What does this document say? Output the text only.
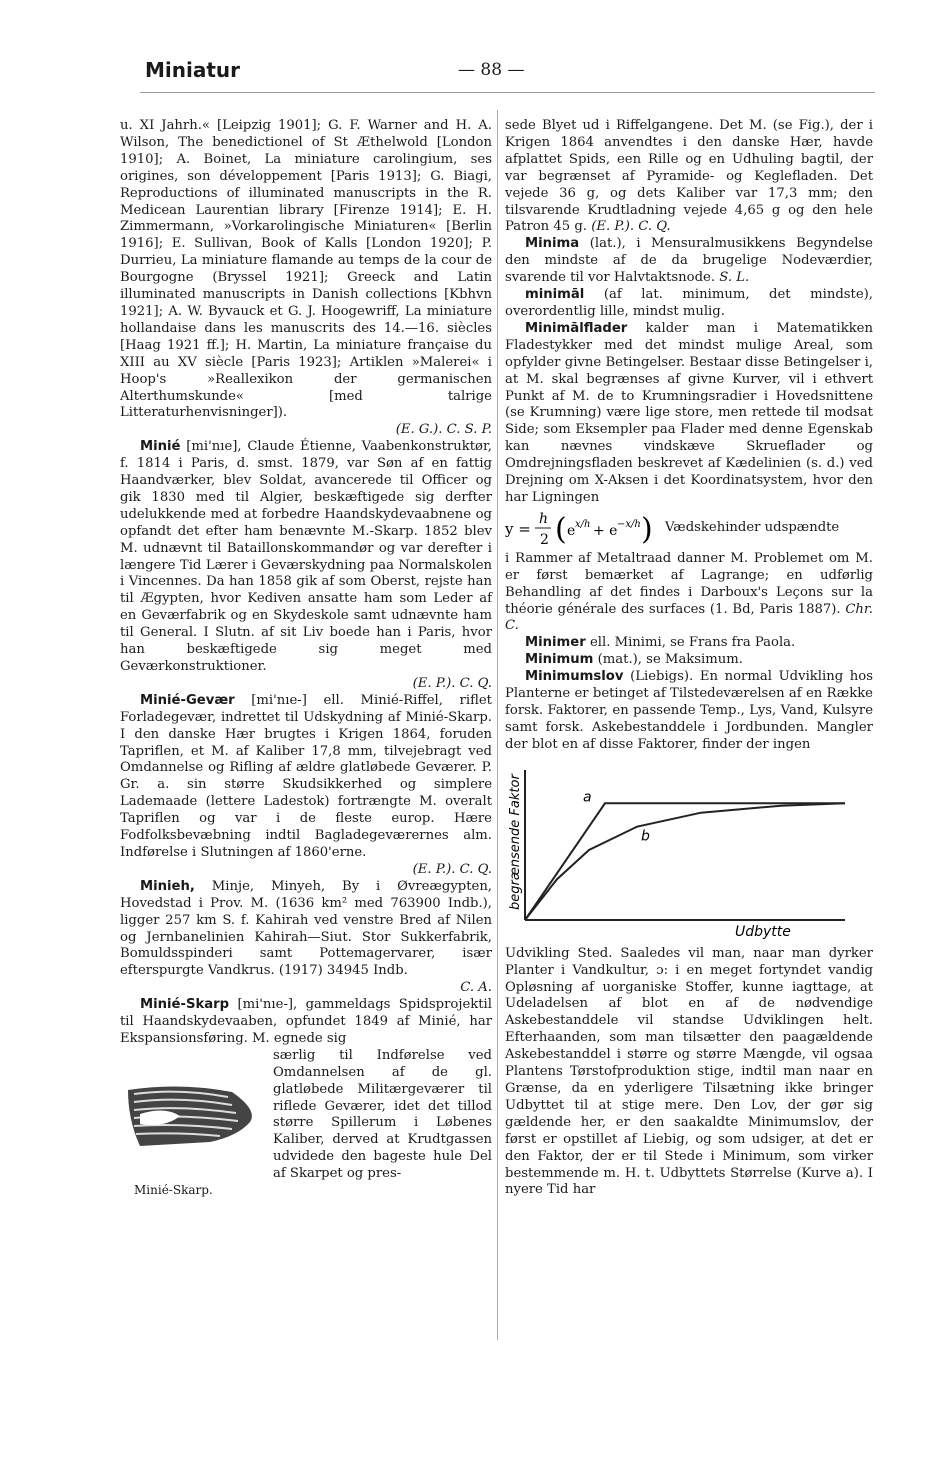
Miniatur	— 88 —

u. XI Jahrh.« [Leipzig 1901]; G. F. Warner and H. A. Wilson, The benedictionel of St Æthelwold [London 1910]; A. Boinet, La miniature carolingium, ses origines, son développement [Paris 1913]; G. Biagi, Reproductions of illuminated manuscripts in the R. Medicean Laurentian library [Firenze 1914]; E. H. Zimmermann, »Vorkarolingische Miniaturen« [Berlin 1916]; E. Sullivan, Book of Kalls [London 1920]; P. Durrieu, La miniature flamande au temps de la cour de Bourgogne (Bryssel 1921]; Greeck and Latin illuminated manuscripts in Danish collections [Kbhvn 1921]; A. W. Byvauck et G. J. Hoogewriff, La miniature hollandaise dans les manuscrits des 14.—16. siècles [Haag 1921 ff.]; H. Martin, La miniature française du XIII au XV siècle [Paris 1923]; Artiklen »Malerei« i Hoop's »Reallexikon der germanischen Alterthumskunde« [med talrige Litteraturhenvisninger]).

(E. G.). C. S. P.

Minié [mi'nıe], Claude Étienne, Vaabenkonstruktør, f. 1814 i Paris, d. smst. 1879, var Søn af en fattig Haandværker, blev Soldat, avancerede til Officer og gik 1830 med til Algier, beskæftigede sig derfter udelukkende med at forbedre Haandskydevaabnene og opfandt det efter ham benævnte M.-Skarp. 1852 blev M. udnævnt til Bataillonskommandør og var derefter i længere Tid Lærer i Geværskydning paa Normalskolen i Vincennes. Da han 1858 gik af som Oberst, rejste han til Ægypten, hvor Kediven ansatte ham som Leder af en Geværfabrik og en Skydeskole samt udnævnte ham til General. I Slutn. af sit Liv boede han i Paris, hvor han beskæftigede sig meget med Geværkonstruktioner.

(E. P.). C. Q.

Minié-Gevær [mi'nıe-] ell. Minié-Riffel, riflet Forladegevær, indrettet til Udskydning af Minié-Skarp. I den danske Hær brugtes i Krigen 1864, foruden Tapriflen, et M. af Kaliber 17,8 mm, tilvejebragt ved Omdannelse og Rifling af ældre glatløbede Geværer. P. Gr. a. sin større Skudsikkerhed og simplere Lademaade (lettere Ladestok) fortrængte M. overalt Tapriflen og var i de fleste europ. Hære Fodfolksbevæbning indtil Bagladegeværernes alm. Indførelse i Slutningen af 1860'erne.

(E. P.). C. Q.

Minieh, Minje, Minyeh, By i Øvreægypten, Hovedstad i Prov. M. (1636 km² med 763900 Indb.), ligger 257 km S. f. Kahirah ved venstre Bred af Nilen og Jernbanelinien Kahirah—Siut. Stor Sukkerfabrik, Bomuldsspinderi samt Pottemagervarer, især efterspurgte Vandkrus. (1917) 34945 Indb.

C. A.

Minié-Skarp [mi'nıe-], gammeldags Spidsprojektil til Haandskydevaaben, opfundet 1849 af Minié, har Ekspansionsføring. M. egnede sig

Minié-Skarp.

særlig til Indførelse ved Omdannelsen af de gl. glatløbede Militærgeværer til riflede Geværer, idet det tillod større Spillerum i Løbenes Kaliber, derved at Krudtgassen udvidede den bageste hule Del af Skarpet og pres-

sede Blyet ud i Riffelgangene. Det M. (se Fig.), der i Krigen 1864 anvendtes i den danske Hær, havde afplattet Spids, een Rille og en Udhuling bagtil, der var begrænset af Pyramide- og Keglefladen. Det vejede 36 g, og dets Kaliber var 17,3 mm; den tilsvarende Krudtladning vejede 4,65 g og den hele Patron 45 g. (E. P.). C. Q.

Minima (lat.), i Mensuralmusikkens Begyndelse den mindste af de da brugelige Nodeværdier, svarende til vor Halvtaktsnode. S. L.

minimāl (af lat. minimum, det mindste), overordentlig lille, mindst mulig.

Minimālflader kalder man i Matematikken Fladestykker med det mindst mulige Areal, som opfylder givne Betingelser. Bestaar disse Betingelser i, at M. skal begrænses af givne Kurver, vil i ethvert Punkt af M. de to Krumningsradier i Hovedsnittene (se Krumning) være lige store, men rettede til modsat Side; som Eksempler paa Flader med denne Egenskab kan nævnes vindskæve Skrueflader og Omdrejningsfladen beskrevet af Kædelinien (s. d.) ved Drejning om X-Aksen i det Koordinatsystem, hvor den har Ligningen

y =
h
2 ( e x/h + e −x/h ) Vædskehinder udspændte

i Rammer af Metaltraad danner M. Problemet om M. er først bemærket af Lagrange; en udførlig Behandling af det findes i Darboux's Leçons sur la théorie générale des surfaces (1. Bd, Paris 1887). Chr. C.

Minimer ell. Minimi, se Frans fra Paola.

Minimum (mat.), se Maksimum.

Minimumslov (Liebigs). En normal Udvikling hos Planterne er betinget af Tilstedeværelsen af en Række forsk. Faktorer, en passende Temp., Lys, Vand, Kulsyre samt forsk. Askebestanddele i Jordbunden. Mangler der blot en af disse Faktorer, finder der ingen

a
b
Udbytte
begrænsende Faktor

Udvikling Sted. Saaledes vil man, naar man dyrker Planter i Vandkultur, ɔ: i en meget fortyndet vandig Opløsning af uorganiske Stoffer, kunne iagttage, at Udeladelsen af blot en af de nødvendige Askebestanddele vil standse Udviklingen helt. Efterhaanden, som man tilsætter den paagældende Askebestanddel i større og større Mængde, vil ogsaa Plantens Tørstofproduktion stige, indtil man naar en Grænse, da en yderligere Tilsætning ikke bringer Udbyttet til at stige mere. Den Lov, der gør sig gældende her, er den saakaldte Minimumslov, der først er opstillet af Liebig, og som udsiger, at det er den Faktor, der er til Stede i Minimum, som virker bestemmende m. H. t. Udbyttets Størrelse (Kurve a). I nyere Tid har
